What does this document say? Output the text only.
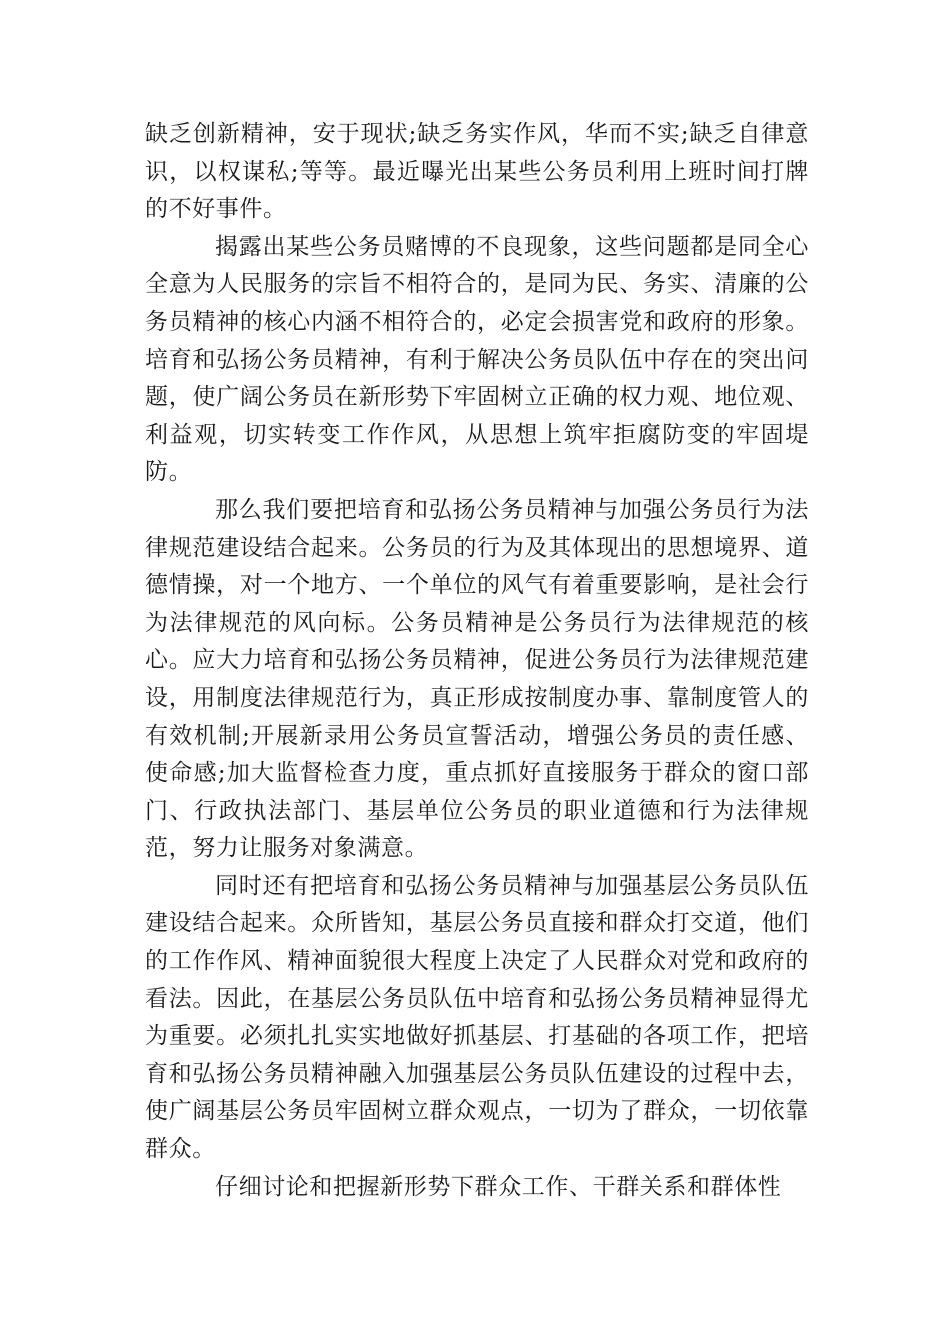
缺乏创新精神，安于现状;缺乏务实作风，华而不实;缺乏自律意识，以权谋私;等等。最近曝光出某些公务员利用上班时间打牌的不好事件。

揭露出某些公务员赌博的不良现象，这些问题都是同全心全意为人民服务的宗旨不相符合的，是同为民、务实、清廉的公务员精神的核心内涵不相符合的，必定会损害党和政府的形象。培育和弘扬公务员精神，有利于解决公务员队伍中存在的突出问题，使广阔公务员在新形势下牢固树立正确的权力观、地位观、利益观，切实转变工作作风，从思想上筑牢拒腐防变的牢固堤防。

那么我们要把培育和弘扬公务员精神与加强公务员行为法律规范建设结合起来。公务员的行为及其体现出的思想境界、道德情操，对一个地方、一个单位的风气有着重要影响，是社会行为法律规范的风向标。公务员精神是公务员行为法律规范的核心。应大力培育和弘扬公务员精神，促进公务员行为法律规范建设，用制度法律规范行为，真正形成按制度办事、靠制度管人的有效机制;开展新录用公务员宣誓活动，增强公务员的责任感、使命感;加大监督检查力度，重点抓好直接服务于群众的窗口部门、行政执法部门、基层单位公务员的职业道德和行为法律规范，努力让服务对象满意。

同时还有把培育和弘扬公务员精神与加强基层公务员队伍建设结合起来。众所皆知，基层公务员直接和群众打交道，他们的工作作风、精神面貌很大程度上决定了人民群众对党和政府的看法。因此，在基层公务员队伍中培育和弘扬公务员精神显得尤为重要。必须扎扎实实地做好抓基层、打基础的各项工作，把培育和弘扬公务员精神融入加强基层公务员队伍建设的过程中去，使广阔基层公务员牢固树立群众观点，一切为了群众，一切依靠群众。

仔细讨论和把握新形势下群众工作、干群关系和群体性
